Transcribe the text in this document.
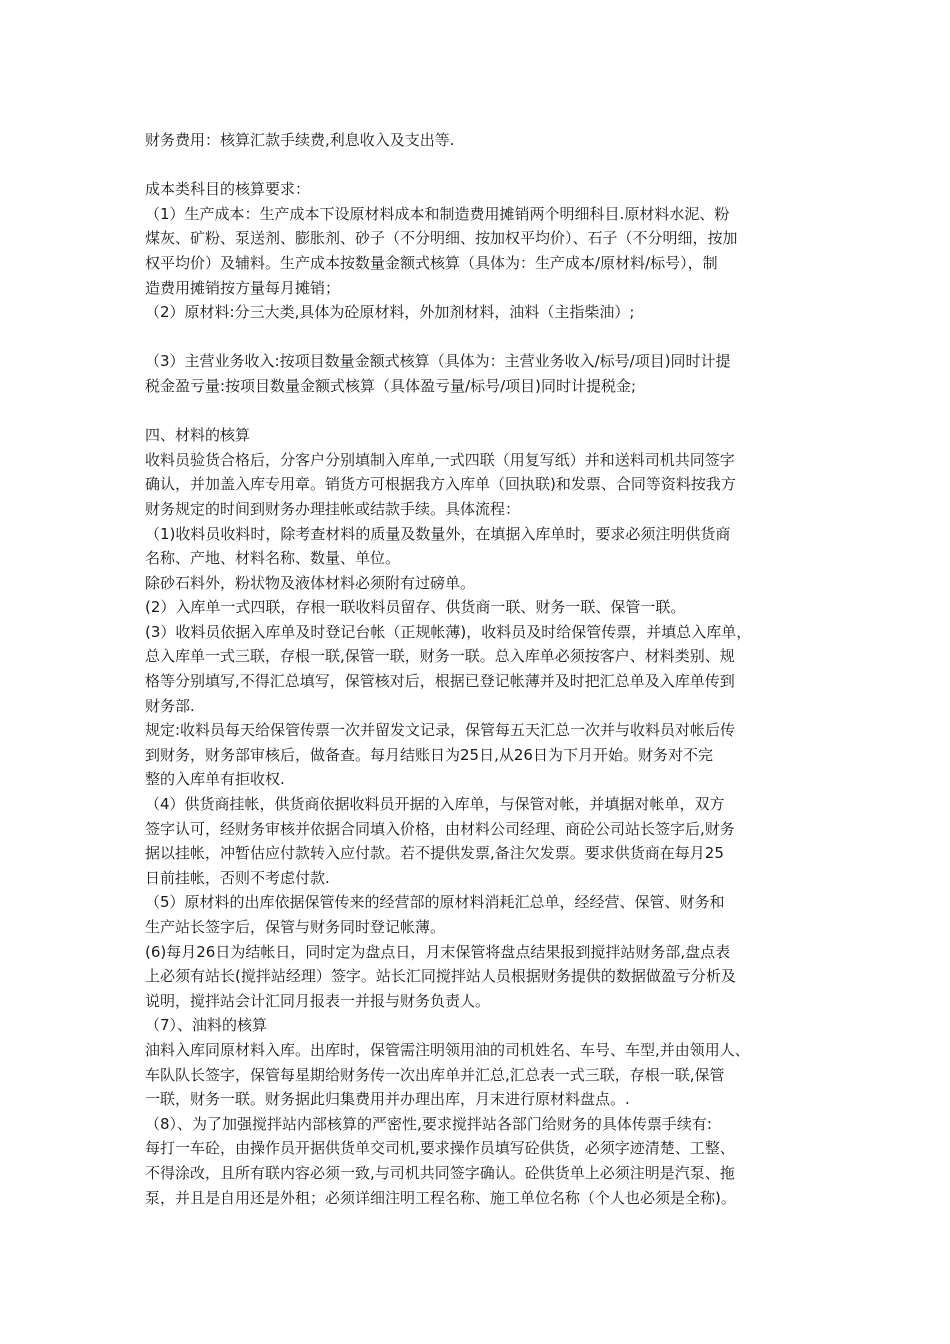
财务费用：核算汇款手续费,利息收入及支出等.
成本类科目的核算要求：
（1）生产成本：生产成本下设原材料成本和制造费用摊销两个明细科目.原材料水泥、粉
煤灰、矿粉、泵送剂、膨胀剂、砂子（不分明细、按加权平均价）、石子（不分明细，按加
权平均价）及辅料。生产成本按数量金额式核算（具体为：生产成本/原材料/标号），制
造费用摊销按方量每月摊销；
（2）原材料:分三大类,具体为砼原材料，外加剂材料，油料（主指柴油）;
（3）主营业务收入:按项目数量金额式核算（具体为：主营业务收入/标号/项目)同时计提
税金盈亏量:按项目数量金额式核算（具体盈亏量/标号/项目)同时计提税金;
四、材料的核算
收料员验货合格后，分客户分别填制入库单,一式四联（用复写纸）并和送料司机共同签字
确认，并加盖入库专用章。销货方可根据我方入库单（回执联)和发票、合同等资料按我方
财务规定的时间到财务办理挂帐或结款手续。具体流程：
（1)收料员收料时，除考查材料的质量及数量外，在填据入库单时，要求必须注明供货商
名称、产地、材料名称、数量、单位。
除砂石料外，粉状物及液体材料必须附有过磅单。
(2）入库单一式四联，存根一联收料员留存、供货商一联、财务一联、保管一联。
(3）收料员依据入库单及时登记台帐（正规帐薄)，收料员及时给保管传票，并填总入库单，
总入库单一式三联，存根一联,保管一联，财务一联。总入库单必须按客户、材料类别、规
格等分别填写,不得汇总填写，保管核对后，根据已登记帐薄并及时把汇总单及入库单传到
财务部.
规定:收料员每天给保管传票一次并留发文记录，保管每五天汇总一次并与收料员对帐后传
到财务，财务部审核后，做备查。每月结账日为25日,从26日为下月开始。财务对不完
整的入库单有拒收权.
（4）供货商挂帐，供货商依据收料员开据的入库单，与保管对帐，并填据对帐单，双方
签字认可，经财务审核并依据合同填入价格，由材料公司经理、商砼公司站长签字后,财务
据以挂帐，冲暂估应付款转入应付款。若不提供发票,备注欠发票。要求供货商在每月25
日前挂帐，否则不考虑付款.
（5）原材料的出库依据保管传来的经营部的原材料消耗汇总单，经经营、保管、财务和
生产站长签字后，保管与财务同时登记帐薄。
(6)每月26日为结帐日，同时定为盘点日，月末保管将盘点结果报到搅拌站财务部,盘点表
上必须有站长(搅拌站经理）签字。站长汇同搅拌站人员根据财务提供的数据做盈亏分析及
说明，搅拌站会计汇同月报表一并报与财务负责人。
（7）、油料的核算
油料入库同原材料入库。出库时，保管需注明领用油的司机姓名、车号、车型,并由领用人、
车队队长签字，保管每星期给财务传一次出库单并汇总,汇总表一式三联，存根一联,保管
一联，财务一联。财务据此归集费用并办理出库，月末进行原材料盘点。.
（8）、为了加强搅拌站内部核算的严密性,要求搅拌站各部门给财务的具体传票手续有:
每打一车砼，由操作员开据供货单交司机,要求操作员填写砼供货，必须字迹清楚、工整、
不得涂改，且所有联内容必须一致,与司机共同签字确认。砼供货单上必须注明是汽泵、拖
泵，并且是自用还是外租；必须详细注明工程名称、施工单位名称（个人也必须是全称)。
